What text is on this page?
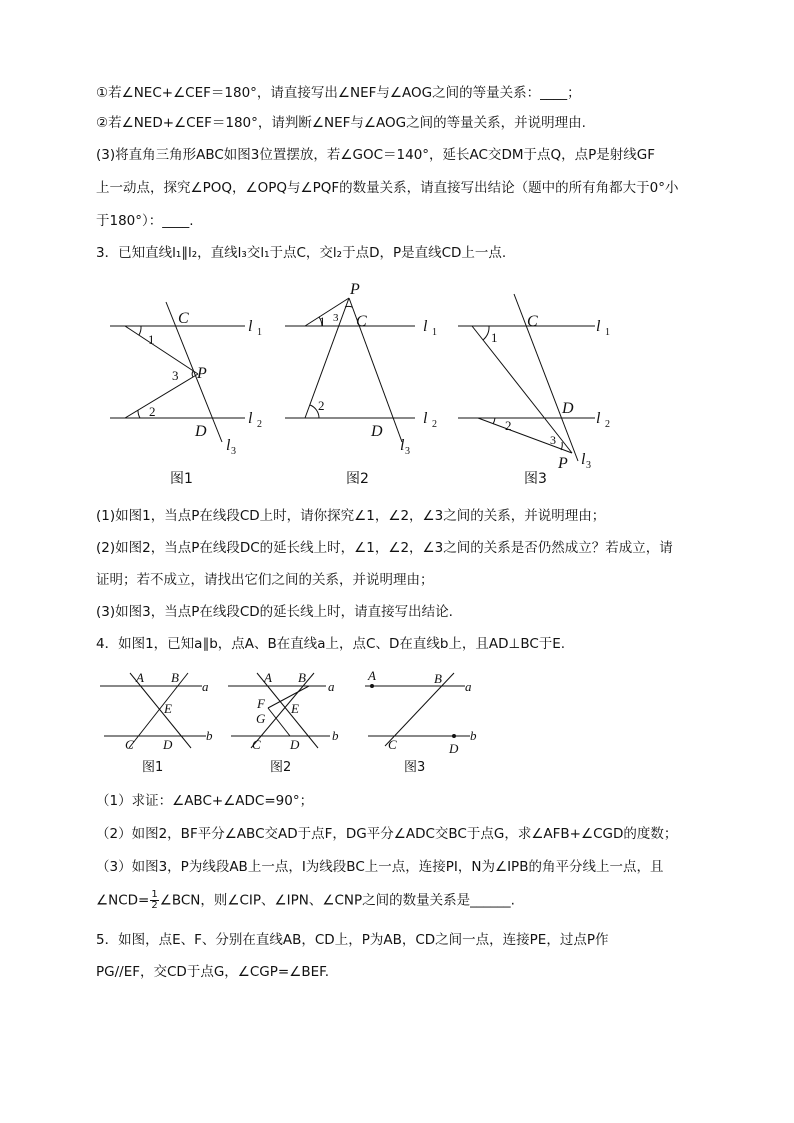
①若∠NEC+∠CEF＝180°，请直接写出∠NEF与∠AOG之间的等量关系：____；
②若∠NED+∠CEF＝180°，请判断∠NEF与∠AOG之间的等量关系，并说明理由.
(3)将直角三角形ABC如图3位置摆放，若∠GOC＝140°，延长AC交DM于点Q，点P是射线GF
上一动点，探究∠POQ，∠OPQ与∠PQF的数量关系，请直接写出结论（题中的所有角都大于0°小
于180°）：____.
3．已知直线l₁∥l₂，直线l₃交l₁于点C，交l₂于点D，P是直线CD上一点.
C	l 1
1
3 P
2	l 2
D
l 3
图1
P
3
1 C	l 1
2
l 2
D
l 3
图2
C	l 1
1
D
l 2
2
3
P l 3
图3
(1)如图1，当点P在线段CD上时，请你探究∠1，∠2，∠3之间的关系，并说明理由；
(2)如图2，当点P在线段DC的延长线上时，∠1，∠2，∠3之间的关系是否仍然成立？若成立，请
证明；若不成立，请找出它们之间的关系，并说明理由；
(3)如图3，当点P在线段CD的延长线上时，请直接写出结论.
4．如图1，已知a∥b，点A、B在直线a上，点C、D在直线b上，且AD⊥BC于E.
A B
a
E
C D
b
图1
A B
a
F E
G
C D
b
图2
A	B
a
C	D
b
图3
（1）求证：∠ABC+∠ADC=90°；
（2）如图2，BF平分∠ABC交AD于点F，DG平分∠ADC交BC于点G，求∠AFB+∠CGD的度数；
（3）如图3，P为线段AB上一点，I为线段BC上一点，连接PI，N为∠IPB的角平分线上一点，且
∠NCD= $\frac{1}{2}$ ∠BCN，则∠CIP、∠IPN、∠CNP之间的数量关系是______.
5．如图，点E、F、分别在直线AB，CD上，P为AB，CD之间一点，连接PE，过点P作
PG//EF，交CD于点G，∠CGP=∠BEF.
